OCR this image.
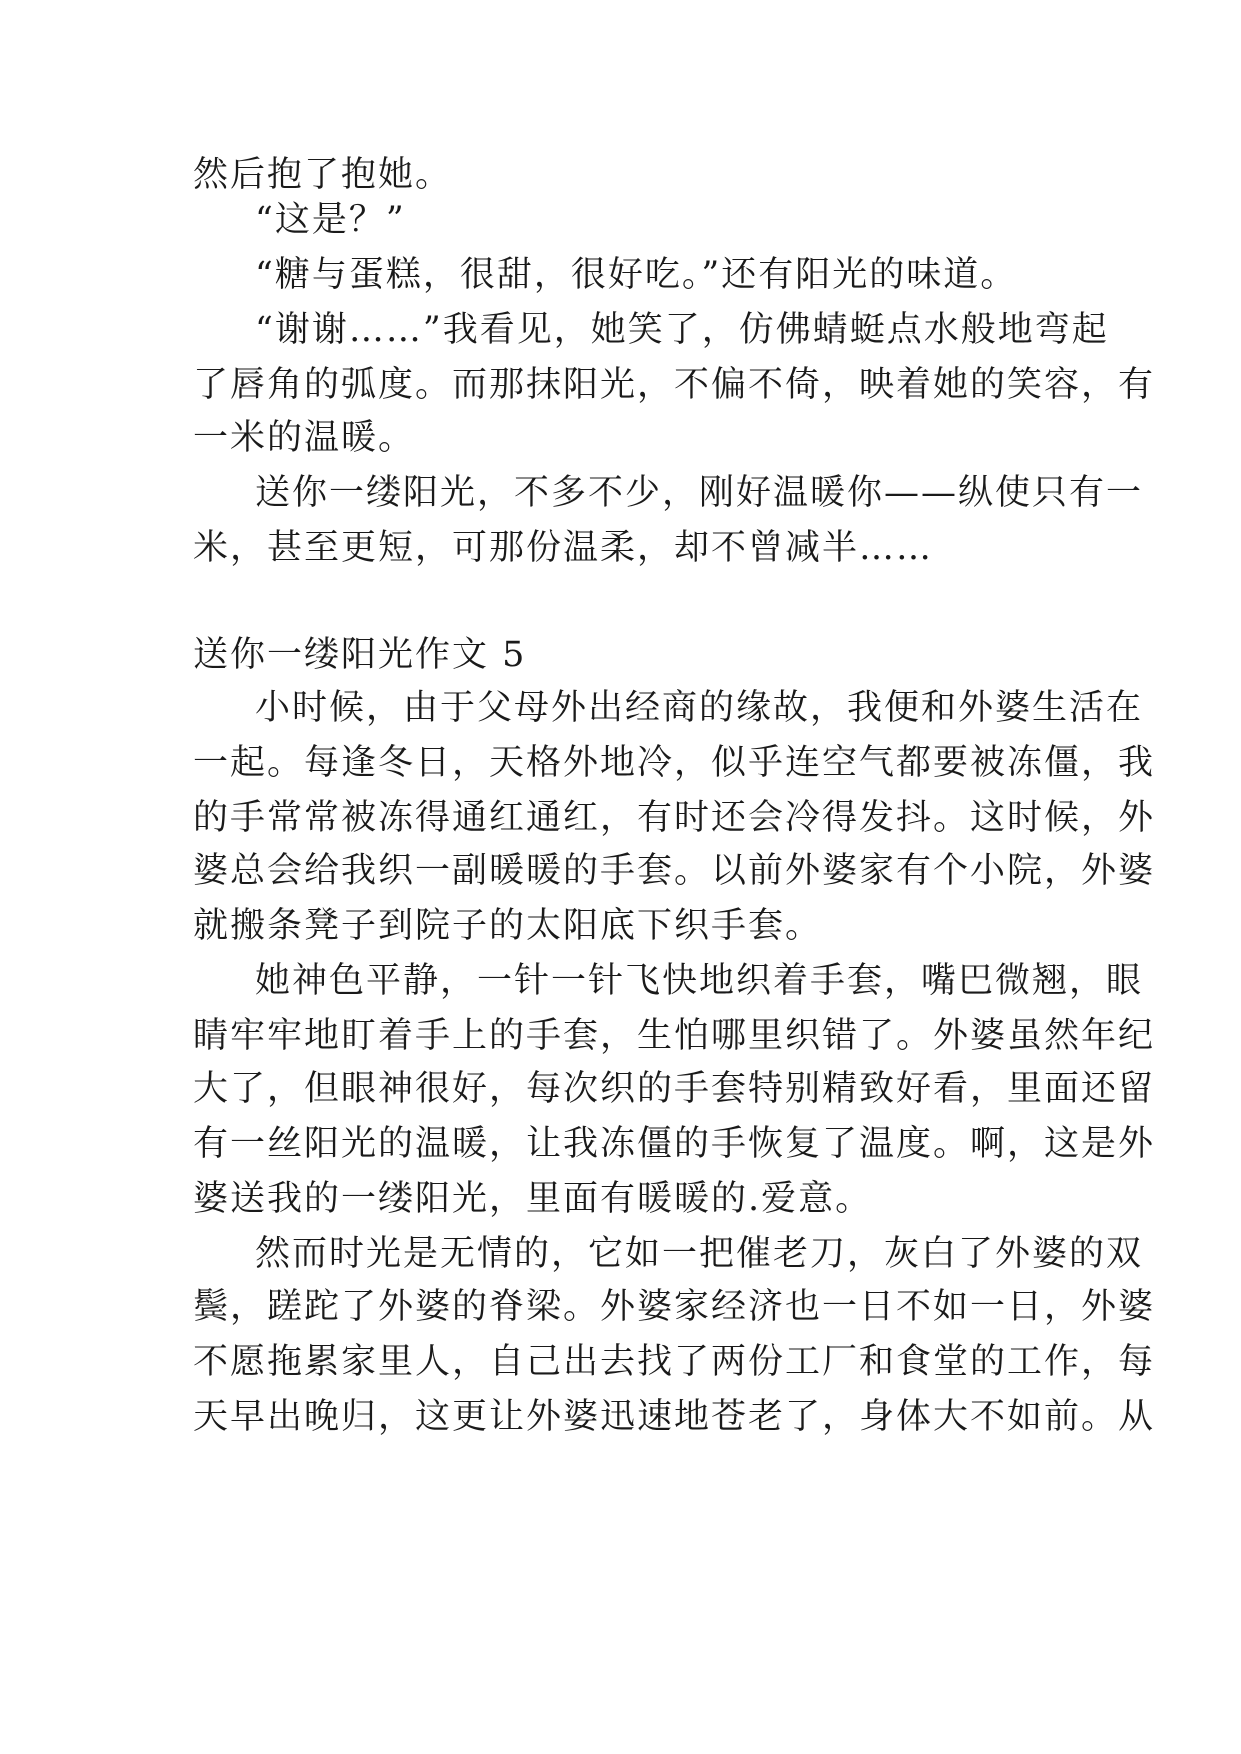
然后抱了抱她。
“这是？”
“糖与蛋糕，很甜，很好吃。”还有阳光的味道。
“谢谢……”我看见，她笑了，仿佛蜻蜓点水般地弯起
了唇角的弧度。而那抹阳光，不偏不倚，映着她的笑容，有
一米的温暖。
送你一缕阳光，不多不少，刚好温暖你——纵使只有一
米，甚至更短，可那份温柔，却不曾减半……
送你一缕阳光作文 5
小时候，由于父母外出经商的缘故，我便和外婆生活在
一起。每逢冬日，天格外地冷，似乎连空气都要被冻僵，我
的手常常被冻得通红通红，有时还会冷得发抖。这时候，外
婆总会给我织一副暖暖的手套。以前外婆家有个小院，外婆
就搬条凳子到院子的太阳底下织手套。
她神色平静，一针一针飞快地织着手套，嘴巴微翘，眼
睛牢牢地盯着手上的手套，生怕哪里织错了。外婆虽然年纪
大了，但眼神很好，每次织的手套特别精致好看，里面还留
有一丝阳光的温暖，让我冻僵的手恢复了温度。啊，这是外
婆送我的一缕阳光，里面有暖暖的.爱意。
然而时光是无情的，它如一把催老刀，灰白了外婆的双
鬓，蹉跎了外婆的脊梁。外婆家经济也一日不如一日，外婆
不愿拖累家里人，自己出去找了两份工厂和食堂的工作，每
天早出晚归，这更让外婆迅速地苍老了，身体大不如前。从
